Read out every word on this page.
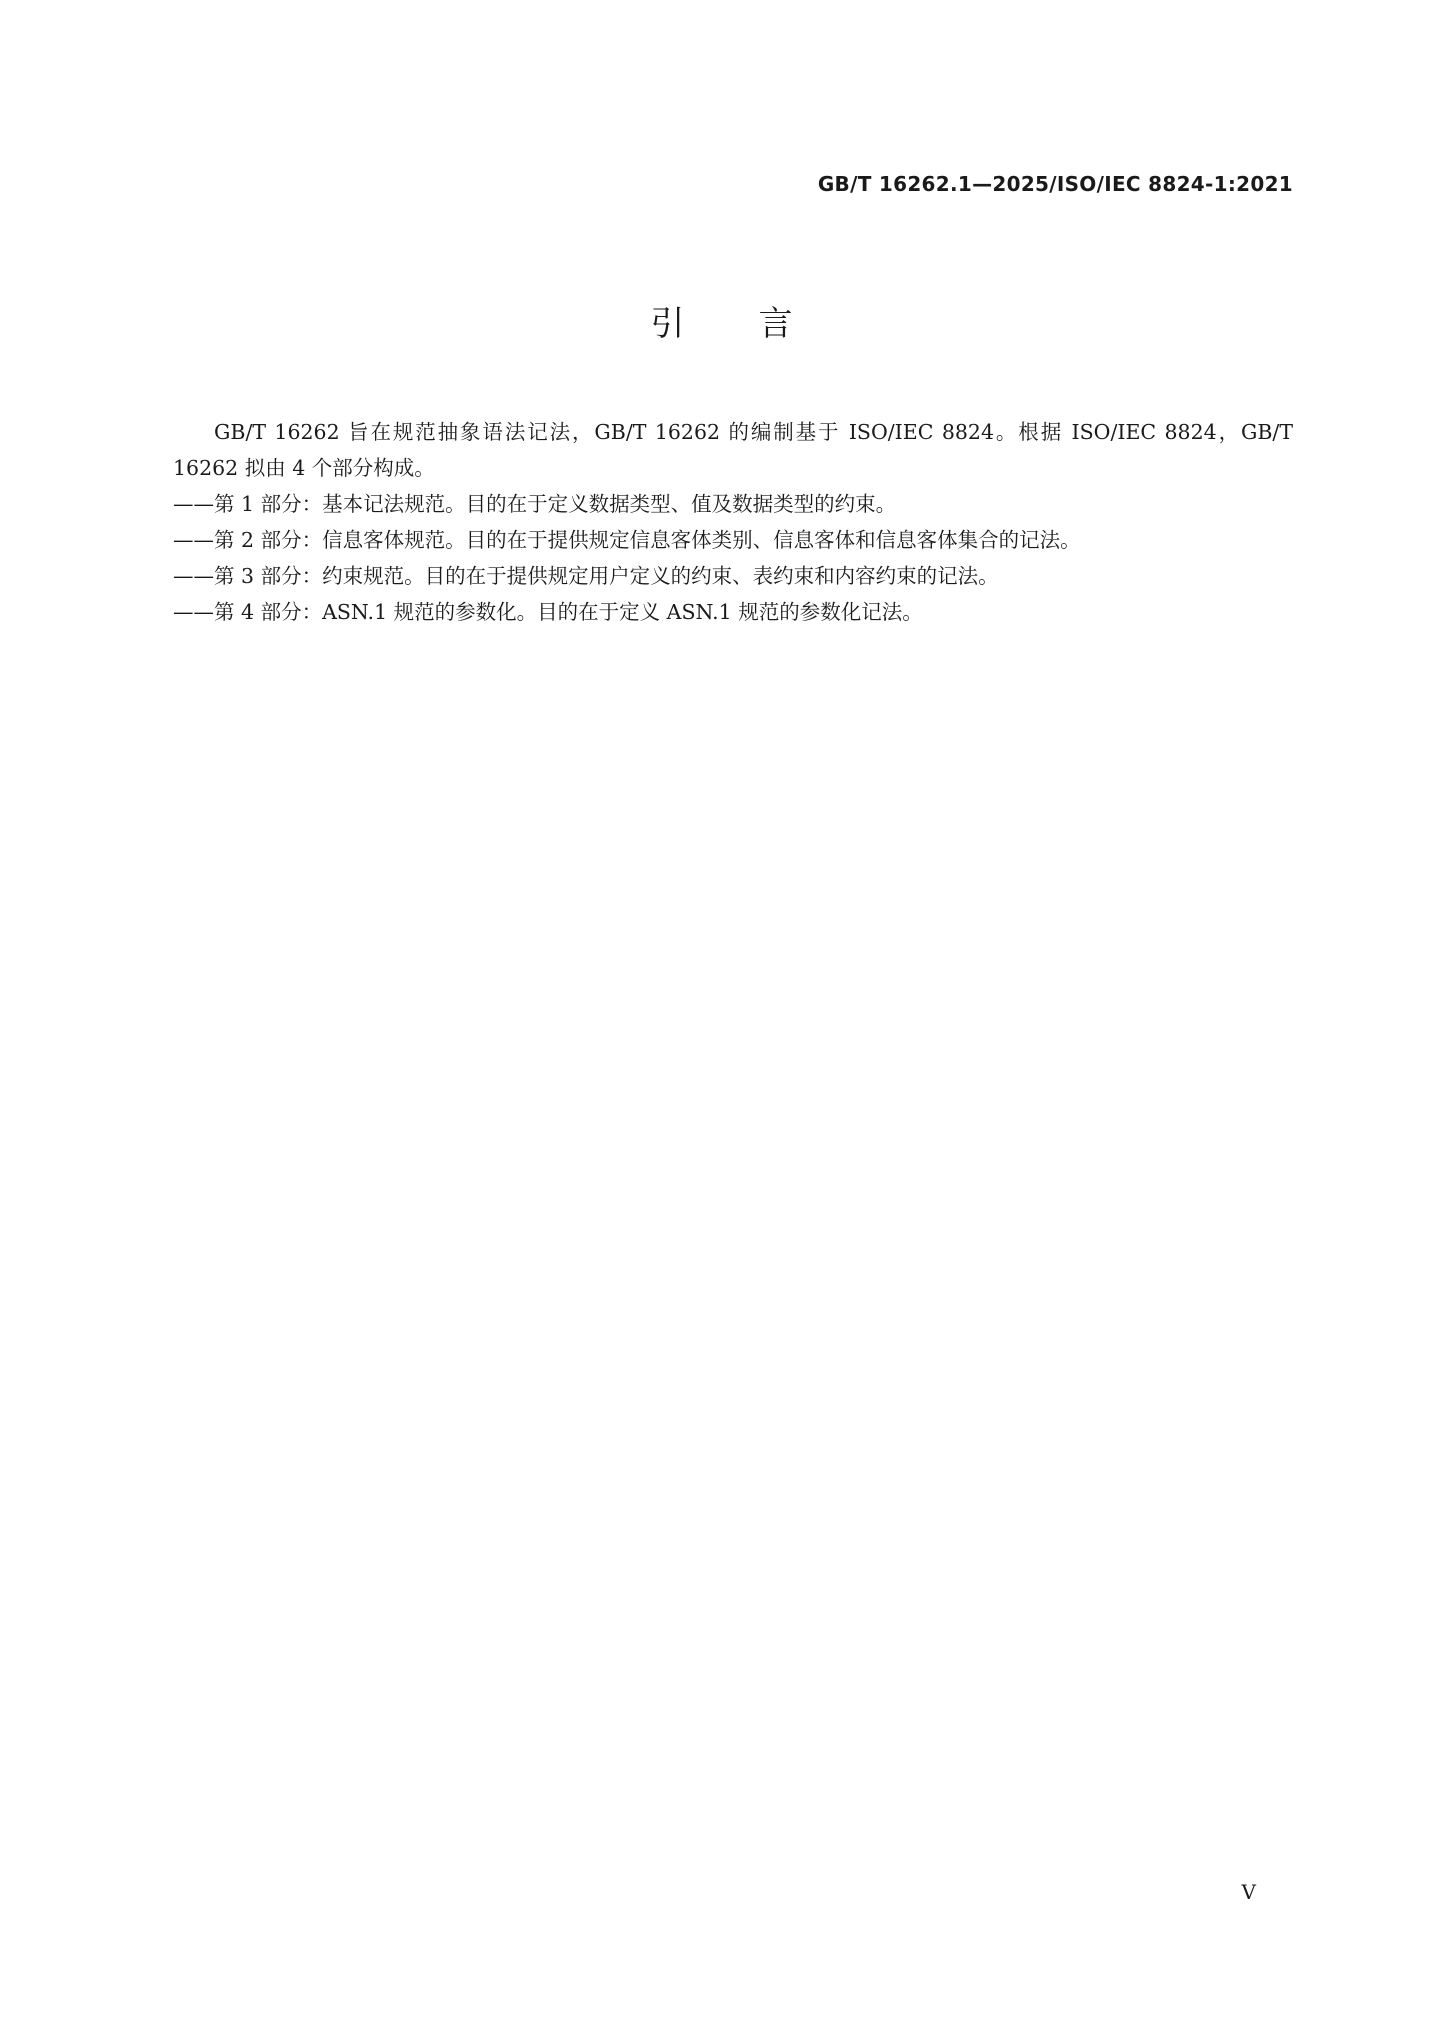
GB/T 16262.1—2025/ISO/IEC 8824-1:2021
引　　言

GB/T 16262 旨在规范抽象语法记法，GB/T 16262 的编制基于 ISO/IEC 8824。根据 ISO/IEC 8824，GB/T 16262 拟由 4 个部分构成。

——第 1 部分：基本记法规范。目的在于定义数据类型、值及数据类型的约束。

——第 2 部分：信息客体规范。目的在于提供规定信息客体类别、信息客体和信息客体集合的记法。

——第 3 部分：约束规范。目的在于提供规定用户定义的约束、表约束和内容约束的记法。

——第 4 部分：ASN.1 规范的参数化。目的在于定义 ASN.1 规范的参数化记法。

V
